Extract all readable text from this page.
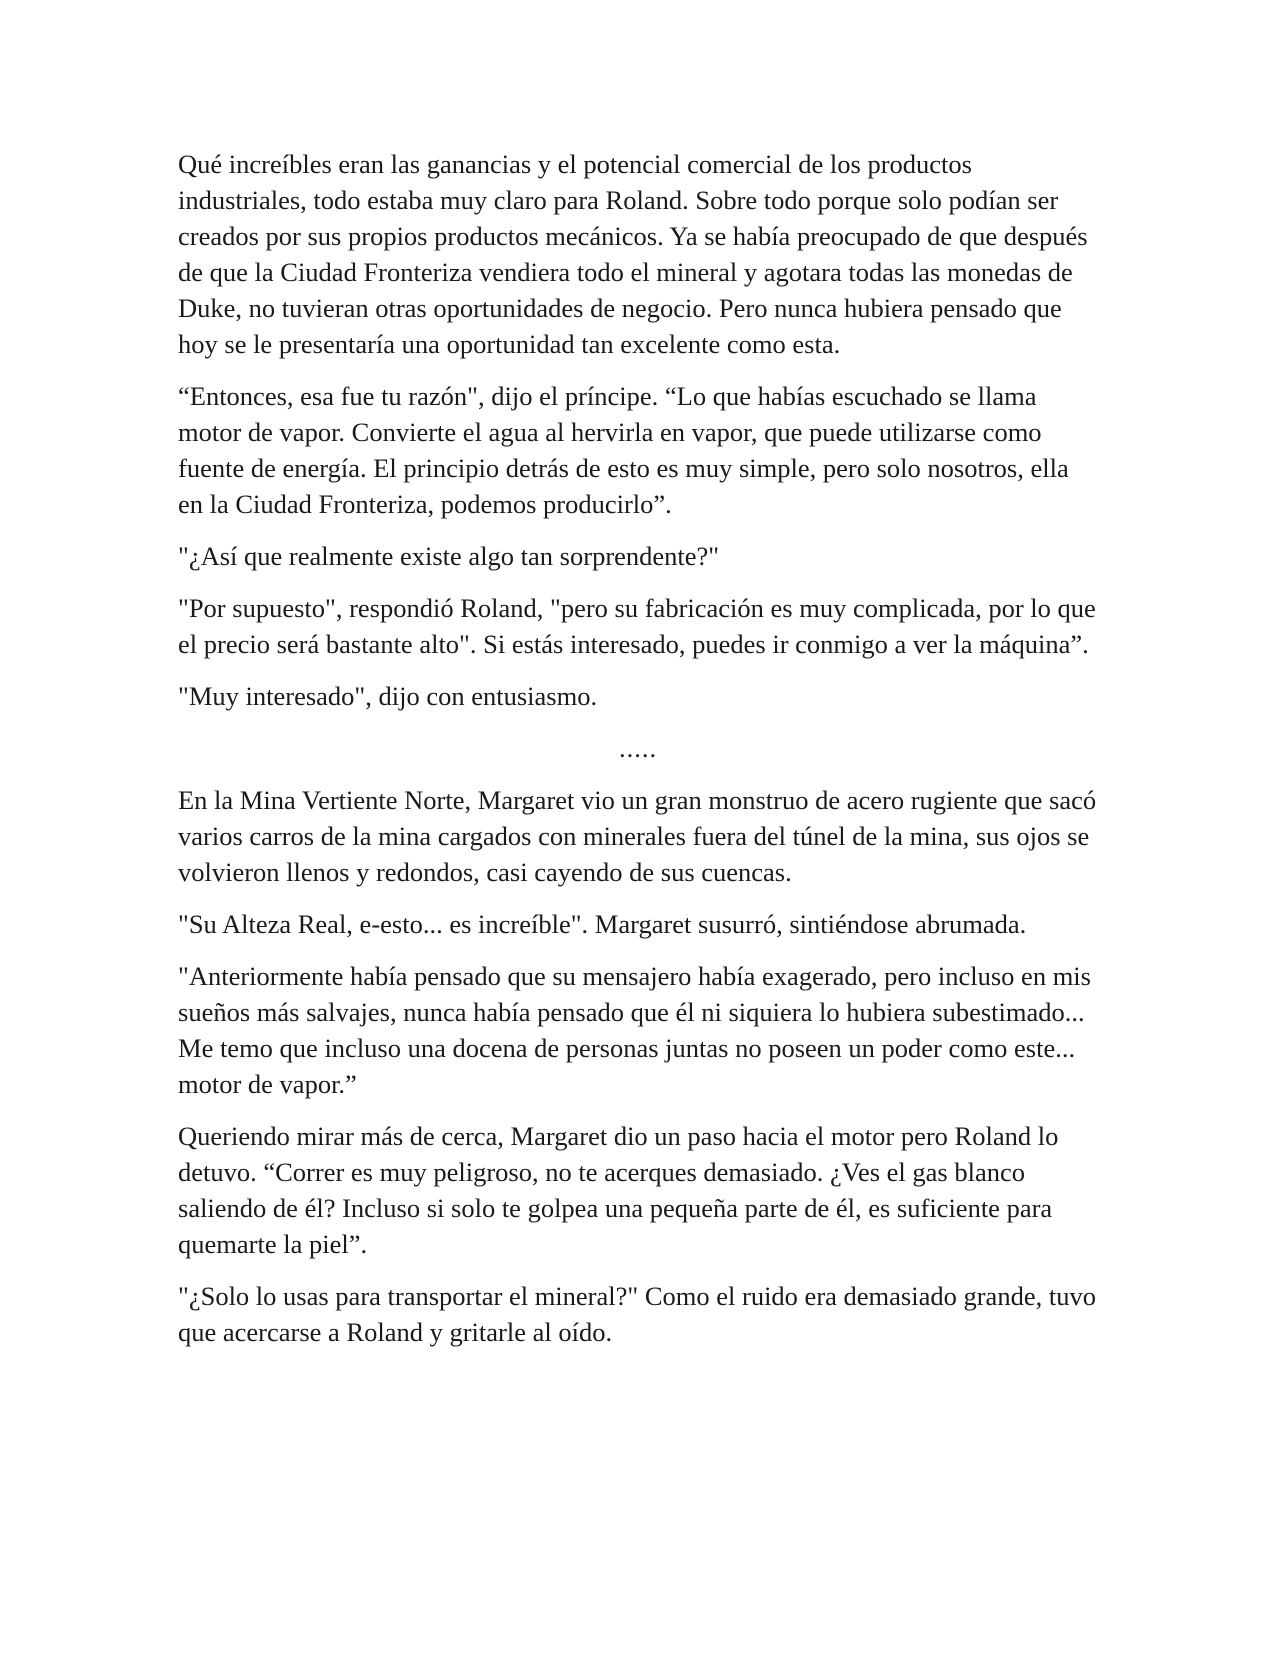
Qué increíbles eran las ganancias y el potencial comercial de los productos industriales, todo estaba muy claro para Roland. Sobre todo porque solo podían ser creados por sus propios productos mecánicos. Ya se había preocupado de que después de que la Ciudad Fronteriza vendiera todo el mineral y agotara todas las monedas de Duke, no tuvieran otras oportunidades de negocio. Pero nunca hubiera pensado que hoy se le presentaría una oportunidad tan excelente como esta.

“Entonces, esa fue tu razón", dijo el príncipe. “Lo que habías escuchado se llama motor de vapor. Convierte el agua al hervirla en vapor, que puede utilizarse como fuente de energía. El principio detrás de esto es muy simple, pero solo nosotros, ella en la Ciudad Fronteriza, podemos producirlo”.

"¿Así que realmente existe algo tan sorprendente?"

"Por supuesto", respondió Roland, "pero su fabricación es muy complicada, por lo que el precio será bastante alto". Si estás interesado, puedes ir conmigo a ver la máquina”.

"Muy interesado", dijo con entusiasmo.

.....

En la Mina Vertiente Norte, Margaret vio un gran monstruo de acero rugiente que sacó varios carros de la mina cargados con minerales fuera del túnel de la mina, sus ojos se volvieron llenos y redondos, casi cayendo de sus cuencas.

"Su Alteza Real, e-esto... es increíble". Margaret susurró, sintiéndose abrumada.

"Anteriormente había pensado que su mensajero había exagerado, pero incluso en mis sueños más salvajes, nunca había pensado que él ni siquiera lo hubiera subestimado... Me temo que incluso una docena de personas juntas no poseen un poder como este... motor de vapor.”

Queriendo mirar más de cerca, Margaret dio un paso hacia el motor pero Roland lo detuvo. “Correr es muy peligroso, no te acerques demasiado. ¿Ves el gas blanco saliendo de él? Incluso si solo te golpea una pequeña parte de él, es suficiente para quemarte la piel”.

"¿Solo lo usas para transportar el mineral?" Como el ruido era demasiado grande, tuvo que acercarse a Roland y gritarle al oído.
